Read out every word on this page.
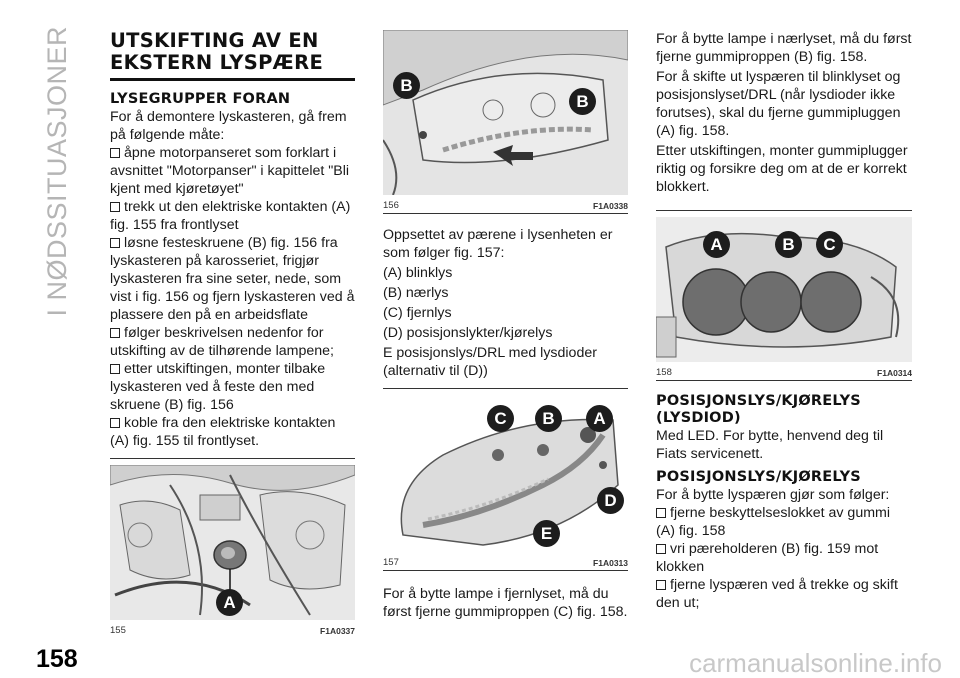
I NØDSSITUASJONER
158	carmanualsonline.info
UTSKIFTING AV EN EKSTERN LYSPÆRE
LYSEGRUPPER FORAN
For å demontere lyskasteren, gå frem på følgende måte:
åpne motorpanseret som forklart i avsnittet "Motorpanser" i kapittelet "Bli kjent med kjøretøyet"
trekk ut den elektriske kontakten (A) fig. 155 fra frontlyset
løsne festeskruene (B) fig. 156 fra lyskasteren på karosseriet, frigjør lyskasteren fra sine seter, nede, som vist i fig. 156 og fjern lyskasteren ved å plassere den på en arbeidsflate
følger beskrivelsen nedenfor for utskifting av de tilhørende lampene;
etter utskiftingen, monter tilbake lyskasteren ved å feste den med skruene (B) fig. 156
koble fra den elektriske kontakten (A) fig. 155 til frontlyset.
A
155	F1A0337
B
B
156	F1A0338
Oppsettet av pærene i lysenheten er som følger fig. 157:
(A) blinklys
(B) nærlys
(C) fjernlys
(D) posisjonslykter/kjørelys
E posisjonslys/DRL med lysdioder (alternativ til (D))
C	B	A
D
E
157	F1A0313
For å bytte lampe i fjernlyset, må du først fjerne gummiproppen (C) fig. 158.
For å bytte lampe i nærlyset, må du først fjerne gummiproppen (B) fig. 158.
For å skifte ut lyspæren til blinklyset og posisjonslyset/DRL (når lysdioder ikke forutses), skal du fjerne gummipluggen (A) fig. 158.
Etter utskiftingen, monter gummiplugger riktig og forsikre deg om at de er korrekt blokkert.
A	B	C
158	F1A0314
POSISJONSLYS/KJØRELYS (LYSDIOD)
Med LED. For bytte, henvend deg til Fiats servicenett.
POSISJONSLYS/KJØRELYS
For å bytte lyspæren gjør som følger:
fjerne beskyttelseslokket av gummi (A) fig. 158
vri pæreholderen (B) fig. 159 mot klokken
fjerne lyspæren ved å trekke og skift den ut;
